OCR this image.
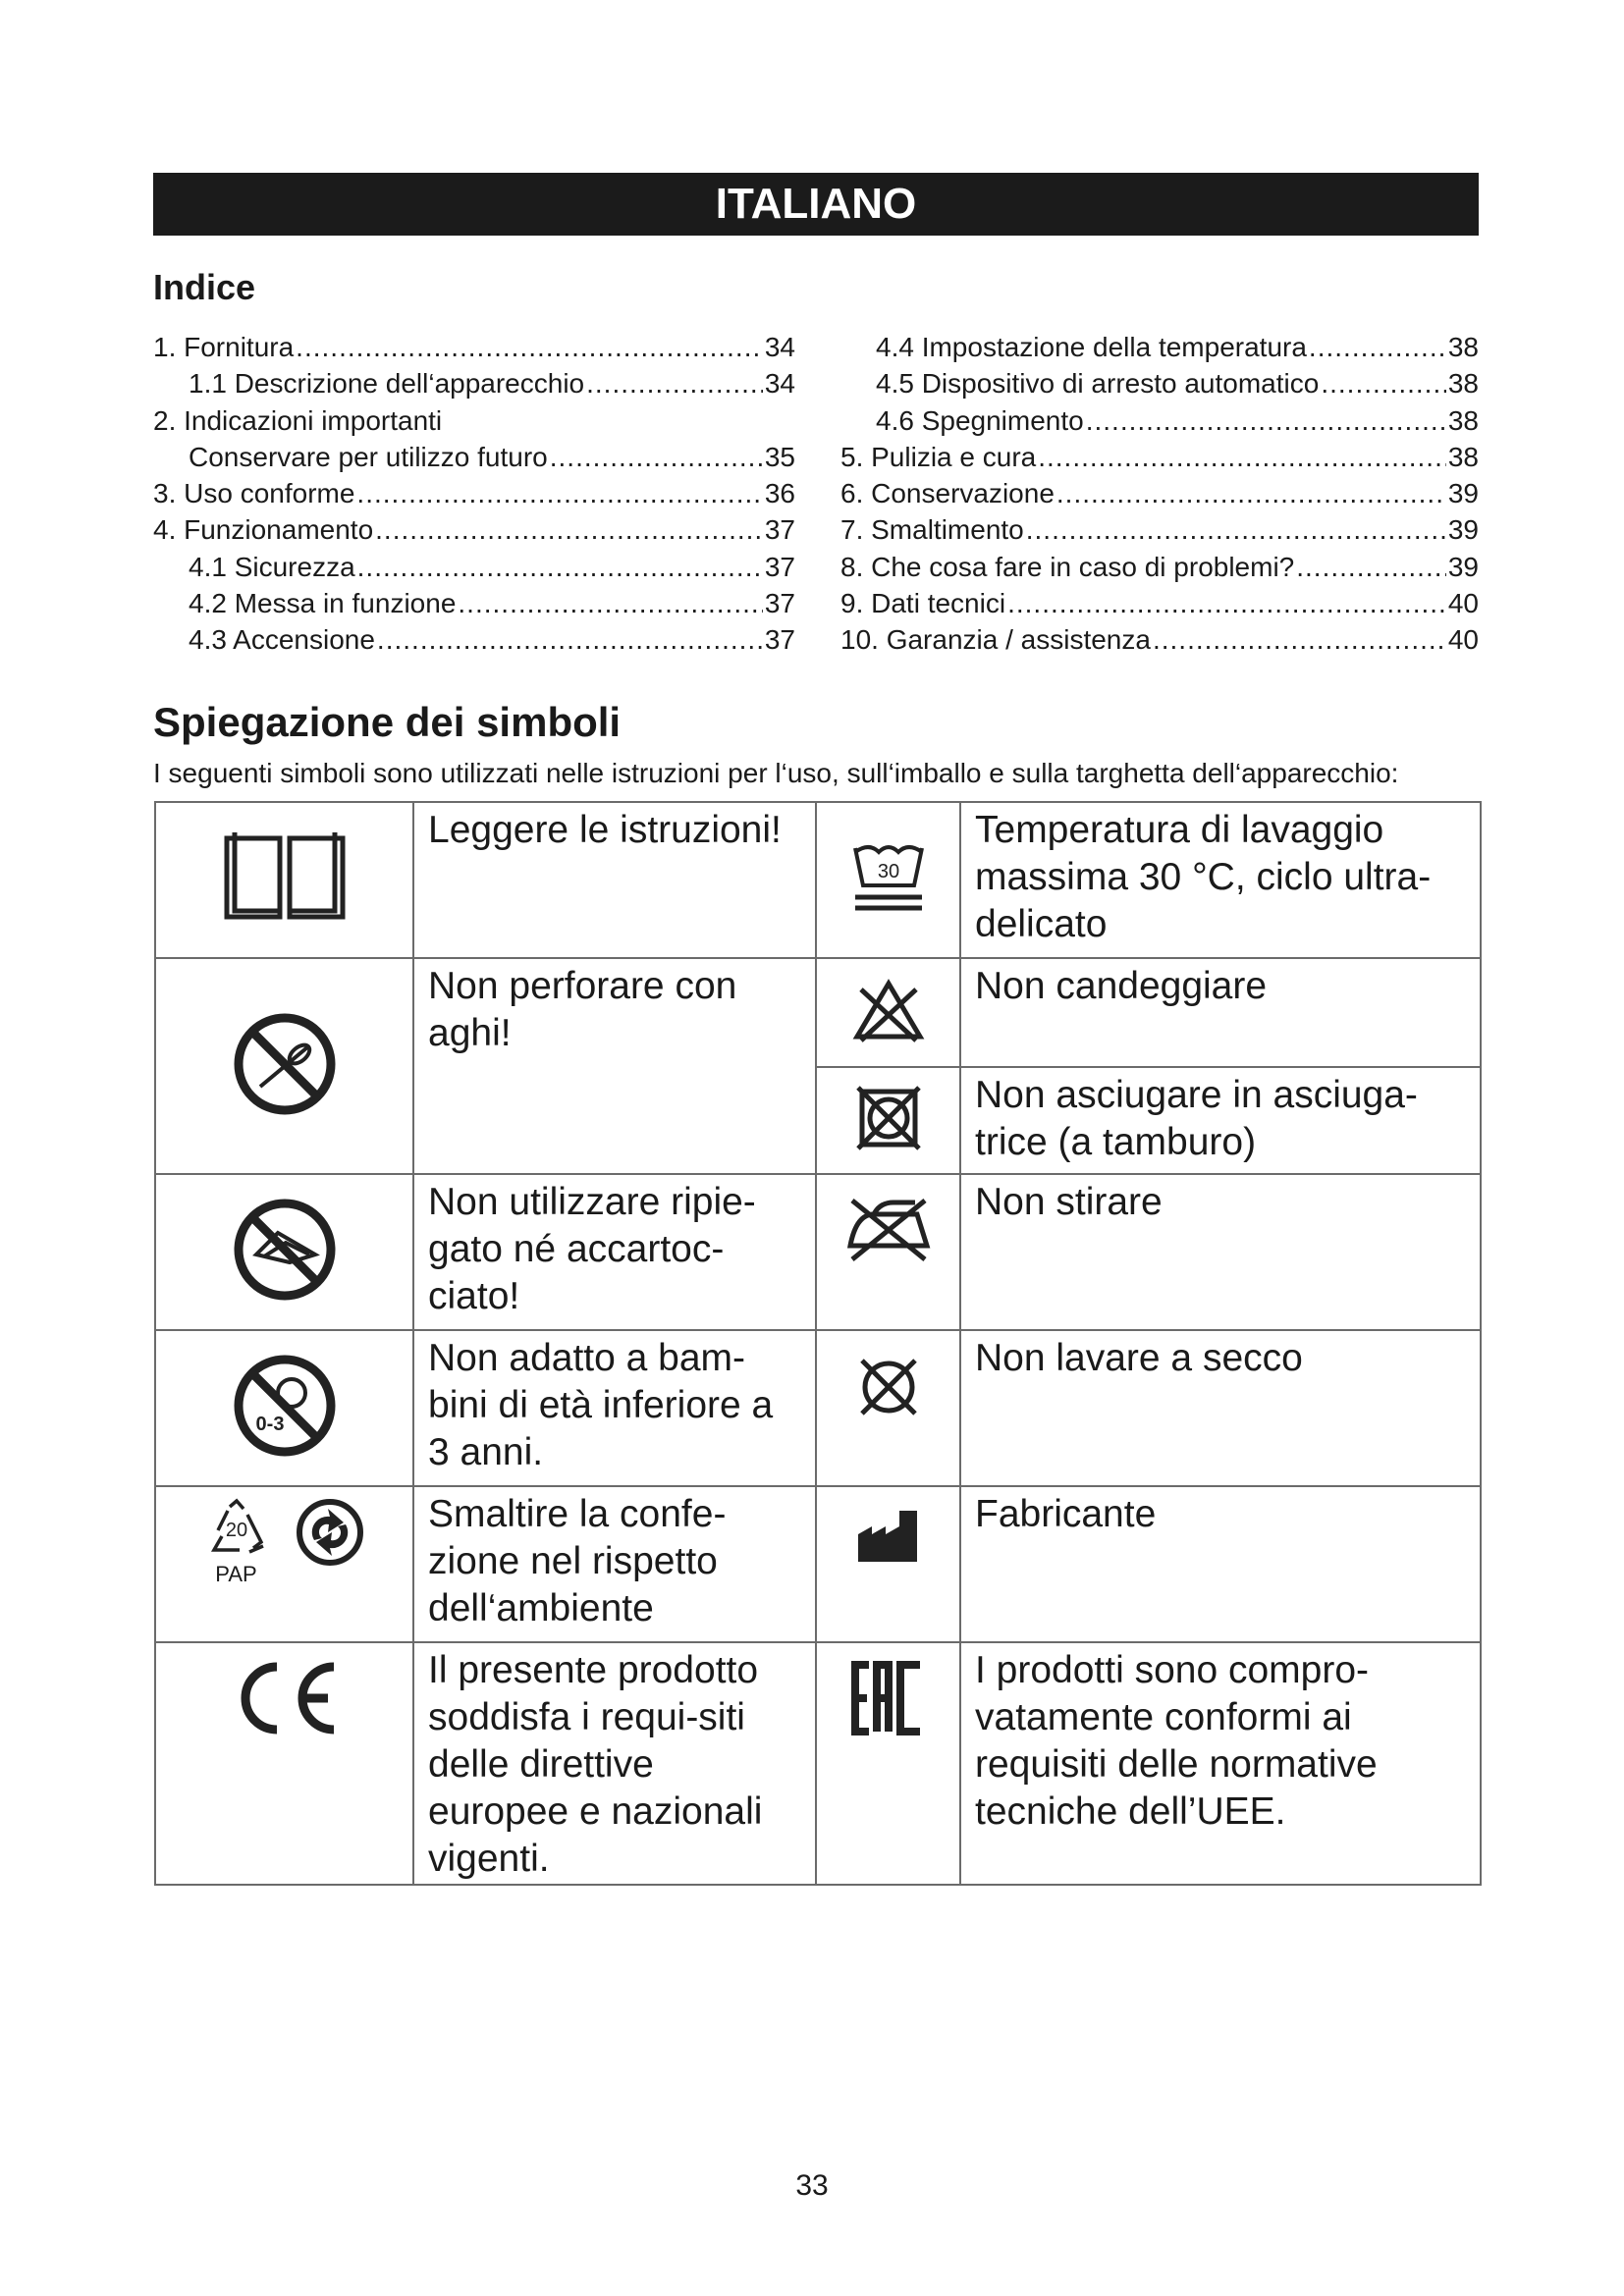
ITALIANO
Indice
1. Fornitura .....	34
1.1 Descrizione dell‘apparecchio .....	34
2. Indicazioni importanti
Conservare per utilizzo futuro .....	35
3. Uso conforme .....	36
4. Funzionamento .....	37
4.1 Sicurezza .....	37
4.2 Messa in funzione .....	37
4.3 Accensione .....	37
4.4 Impostazione della temperatura .....	38
4.5 Dispositivo di arresto automatico .....	38
4.6 Spegnimento .....	38
5. Pulizia e cura .....	38
6. Conservazione .....	39
7. Smaltimento .....	39
8. Che cosa fare in caso di problemi? .....	39
9. Dati tecnici .....	40
10. Garanzia / assistenza .....	40
Spiegazione dei simboli
I seguenti simboli sono utilizzati nelle istruzioni per l‘uso, sull‘imballo e sulla targhetta dell‘apparecchio:
	Leggere le istruzioni!	30	Temperatura di lavaggio massima 30 °C, ciclo ultra-delicato
	Non perforare con aghi!		Non candeggiare
	Non asciugare in asciuga-trice (a tamburo)
	Non utilizzare ripie-gato né accartoc-ciato!		Non stirare

0-3	Non adatto a bam-bini di età inferiore a 3 anni.		Non lavare a secco

20
PAP	Smaltire la confe-zione nel rispetto dell‘ambiente		Fabricante
	Il presente prodotto soddisfa i requi-siti delle direttive europee e nazionali vigenti.		I prodotti sono compro-vatamente conformi ai requisiti delle normative tecniche dell’UEE.
33
